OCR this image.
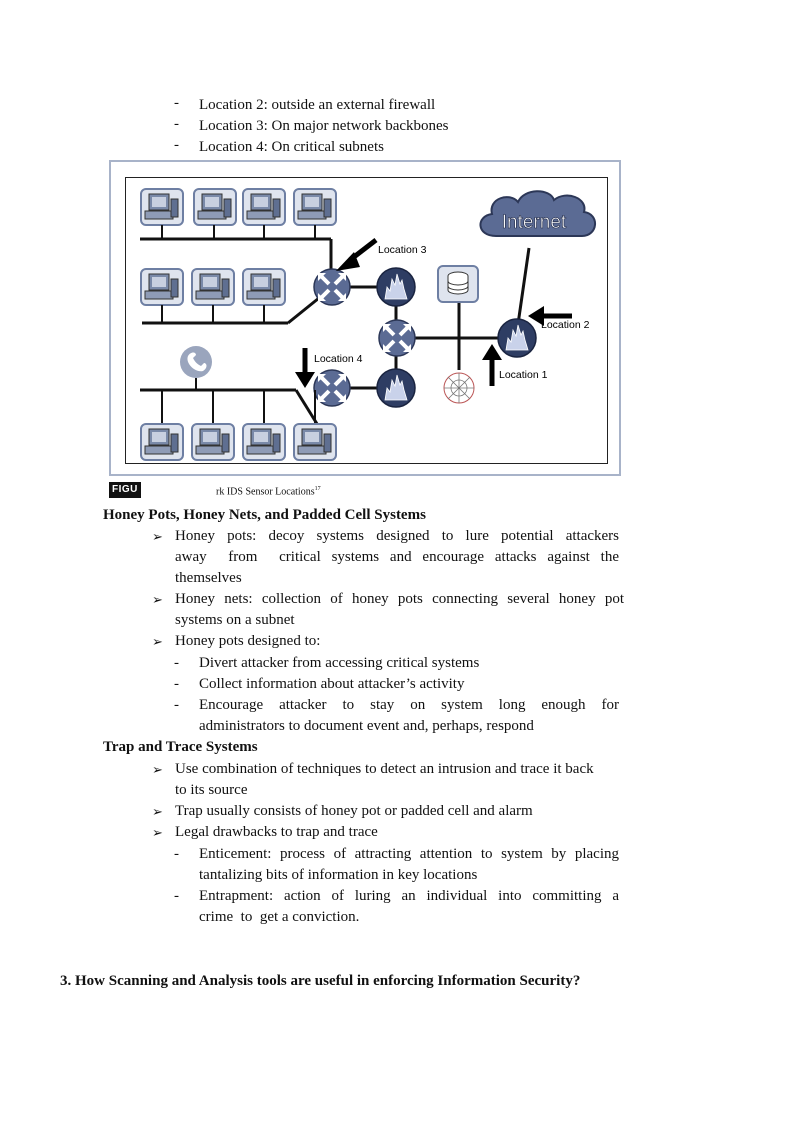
-	Location 2: outside an external firewall
-	Location 3: On major network backbones
-	Location 4: On critical subnets
Internet
Location 3
Location 2
Location 1
Location 4
FIGU	rk IDS Sensor Locations$^{17}$
Honey Pots, Honey Nets, and Padded Cell Systems
➢ Honey pots: decoy systems designed to lure potential attackers
away  from  critical systems and encourage attacks against the
themselves
➢ Honey nets: collection of honey pots connecting several honey pot
systems on a subnet
➢ Honey pots designed to:
-	Divert attacker from accessing critical systems
-	Collect information about attacker’s activity
-	Encourage attacker to stay on system long enough for
administrators to document event and, perhaps, respond
Trap and Trace Systems
➢ Use combination of techniques to detect an intrusion and trace it back
to its source
➢ Trap usually consists of honey pot or padded cell and alarm
➢ Legal drawbacks to trap and trace
-	Enticement: process of attracting attention to system by placing
tantalizing bits of information in key locations
-	Entrapment: action of luring an individual into committing a
crime  to  get a conviction.
3. How Scanning and Analysis tools are useful in enforcing Information Security?
